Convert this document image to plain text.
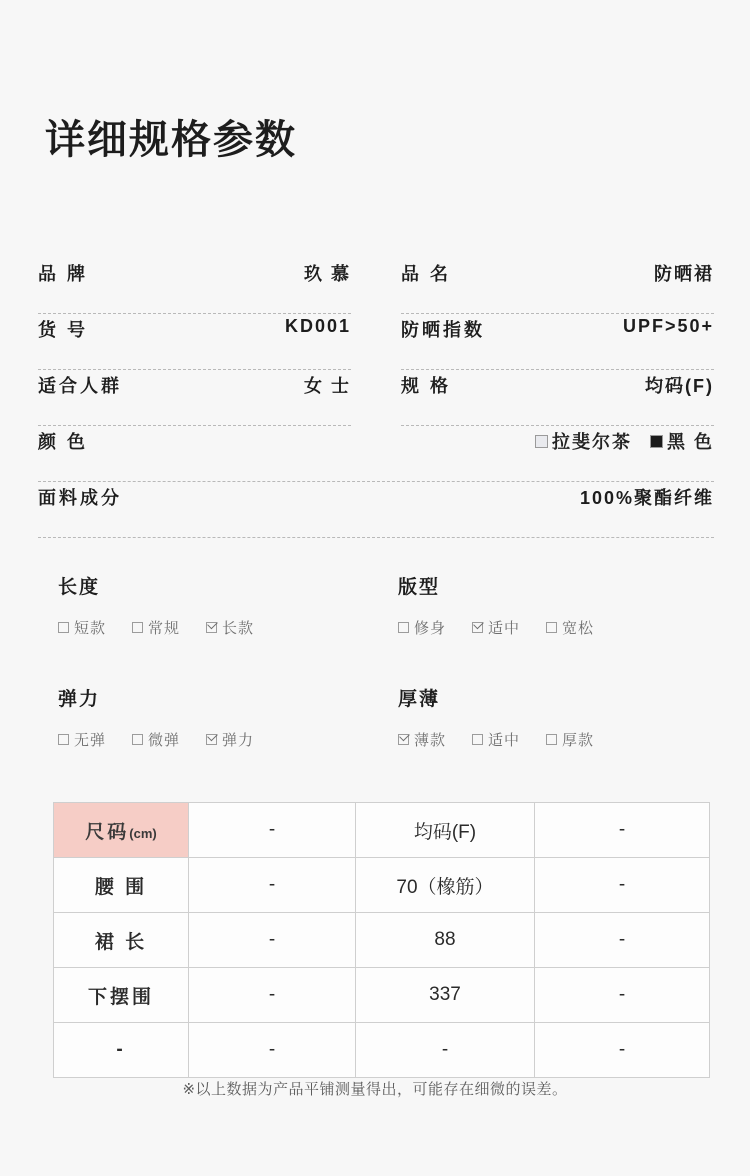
详细规格参数
品 牌	玖 慕	品 名	防晒裙
货 号	KD001	防晒指数	UPF>50+
适合人群	女 士	规 格	均码(F)
颜 色	拉斐尔茶 黑 色
面料成分	100%聚酯纤维
长度
短款	常规	长款
版型
修身	适中	宽松
弹力
无弹	微弹	弹力
厚薄
薄款	适中	厚款
尺码(cm)	-	均码(F)	-
腰 围	-	70（橡筋）	-
裙 长	-	88	-
下摆围	-	337	-
-	-	-	-
※以上数据为产品平铺测量得出，可能存在细微的误差。
